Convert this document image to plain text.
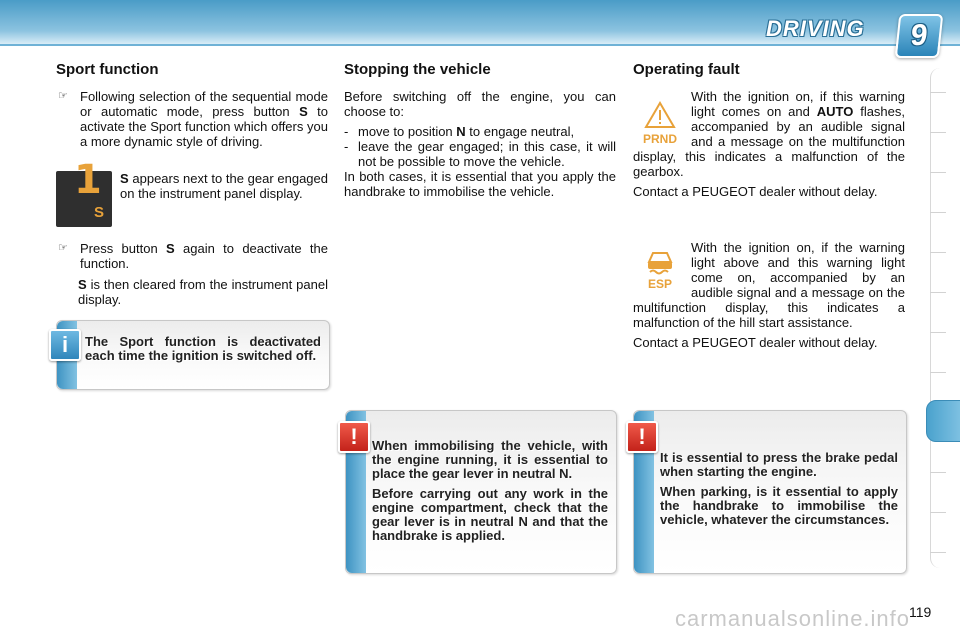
DRIVING	9
Sport function
☞ Following selection of the sequential mode or automatic mode, press button S to activate the Sport function which offers you a more dynamic style of driving.
1
S
S appears next to the gear engaged on the instrument panel display.
☞ Press button S again to deactivate the function.
S is then cleared from the instrument panel display.
i	The Sport function is deactivated each time the ignition is switched off.
Stopping the vehicle
Before switching off the engine, you can choose to:
- move to position N to engage neutral,
- leave the gear engaged; in this case, it will not be possible to move the vehicle.
In both cases, it is essential that you apply the handbrake to immobilise the vehicle.
!	When immobilising the vehicle, with the engine running, it is essential to place the gear lever in neutral N.

Before carrying out any work in the engine compartment, check that the gear lever is in neutral N and that the handbrake is applied.

Operating fault
PRND
With the ignition on, if this warning light comes on and AUTO flashes, accompanied by an audible signal and a message on the multifunction display, this indicates a malfunction of the gearbox.
Contact a PEUGEOT dealer without delay.
ESP
With the ignition on, if the warning light above and this warning light come on, accompanied by an audible signal and a message on the multifunction display, this indicates a malfunction of the hill start assistance.
Contact a PEUGEOT dealer without delay.
!

It is essential to press the brake pedal when starting the engine.

When parking, is it essential to apply the handbrake to immobilise the vehicle, whatever the circumstances.

carmanualsonline.info
119
